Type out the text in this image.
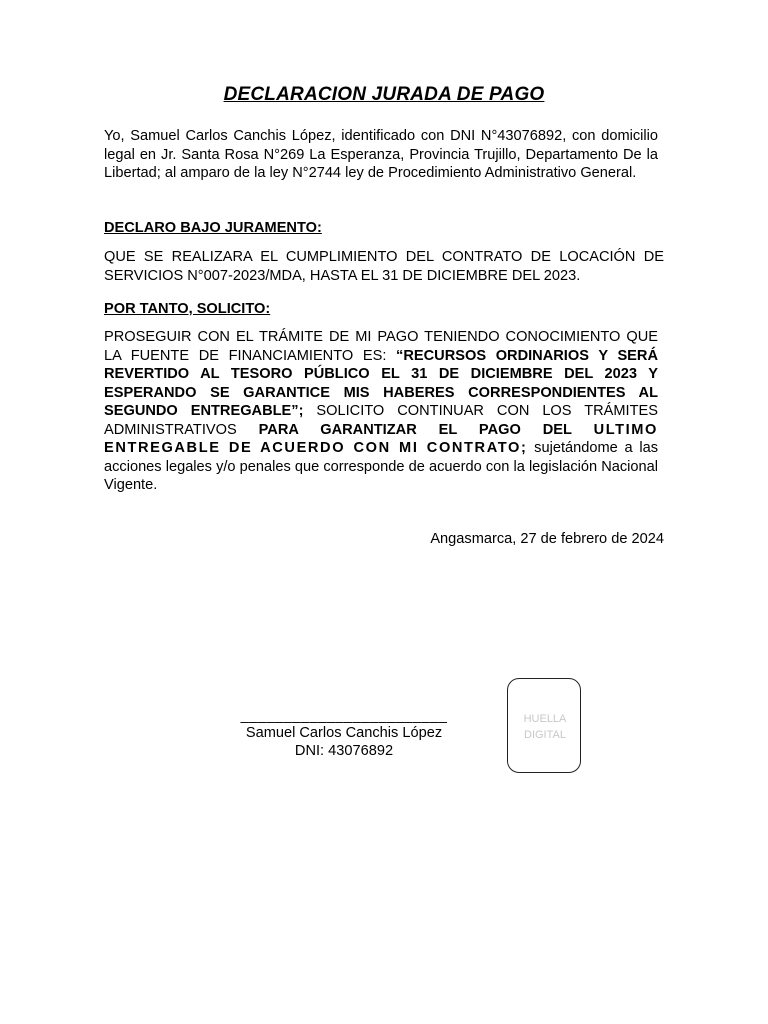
DECLARACION JURADA DE PAGO
Yo, Samuel Carlos Canchis López, identificado con DNI N°43076892, con domicilio legal en Jr. Santa Rosa N°269 La Esperanza, Provincia Trujillo, Departamento De la Libertad; al amparo de la ley N°2744 ley de Procedimiento Administrativo General.
DECLARO BAJO JURAMENTO:
QUE SE REALIZARA EL CUMPLIMIENTO DEL CONTRATO DE LOCACIÓN DE SERVICIOS N°007-2023/MDA, HASTA EL 31 DE DICIEMBRE DEL 2023.
POR TANTO, SOLICITO:
PROSEGUIR CON EL TRÁMITE DE MI PAGO TENIENDO CONOCIMIENTO QUE LA FUENTE DE FINANCIAMIENTO ES: “RECURSOS ORDINARIOS Y SERÁ REVERTIDO AL TESORO PÚBLICO EL 31 DE DICIEMBRE DEL 2023 Y ESPERANDO SE GARANTICE MIS HABERES CORRESPONDIENTES AL SEGUNDO ENTREGABLE”; SOLICITO CONTINUAR CON LOS TRÁMITES ADMINISTRATIVOS PARA GARANTIZAR EL PAGO DEL ULTIMO ENTREGABLE DE ACUERDO CON MI CONTRATO; sujetándome a las acciones legales y/o penales que corresponde de acuerdo con la legislación Nacional Vigente.
Angasmarca, 27 de febrero de 2024
________________________
Samuel Carlos Canchis López
DNI: 43076892
HUELLA
DIGITAL
